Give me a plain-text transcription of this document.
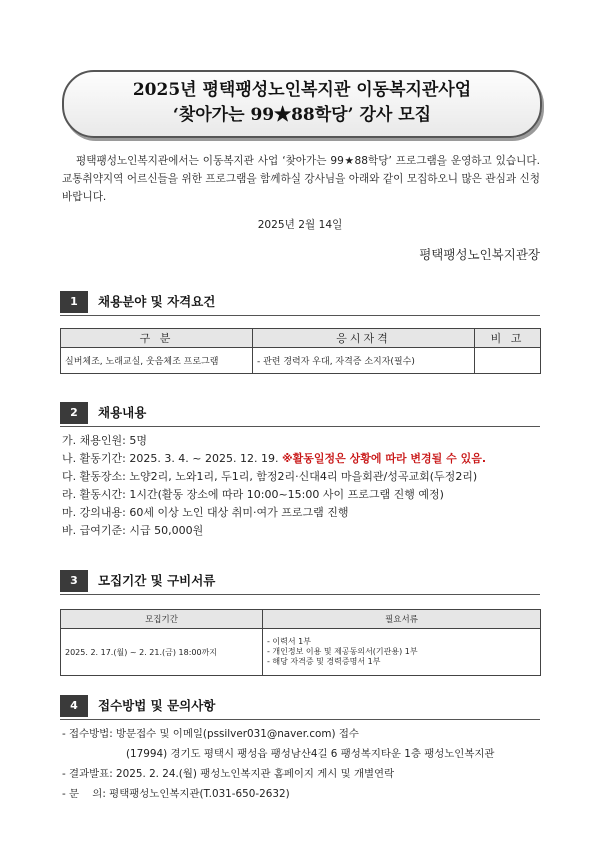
2025년 평택팽성노인복지관 이동복지관사업
‘찾아가는 99★88학당’ 강사 모집
평택팽성노인복지관에서는 이동복지관 사업 ‘찾아가는 99★88학당’ 프로그램을 운영하고 있습니다. 교통취약지역 어르신들을 위한 프로그램을 함께하실 강사님을 아래와 같이 모집하오니 많은 관심과 신청 바랍니다.
2025년 2월 14일
평택팽성노인복지관장
1	채용분야 및 자격요건
구 분	응시자격	비 고
실버체조, 노래교실, 웃음체조 프로그램	- 관련 경력자 우대, 자격증 소지자(필수)	
2	채용내용
가. 채용인원: 5명
나. 활동기간: 2025. 3. 4. ~ 2025. 12. 19. ※활동일정은 상황에 따라 변경될 수 있음.
다. 활동장소: 노양2리, 노와1리, 두1리, 함정2리·신대4리 마을회관/성곡교회(두정2리)
라. 활동시간: 1시간(활동 장소에 따라 10:00~15:00 사이 프로그램 진행 예정)
마. 강의내용: 60세 이상 노인 대상 취미·여가 프로그램 진행
바. 급여기준: 시급 50,000원
3	모집기간 및 구비서류
모집기간	필요서류
2025. 2. 17.(월) ~ 2. 21.(금) 18:00까지	- 이력서 1부
- 개인정보 이용 및 제공동의서(기관용) 1부
- 해당 자격증 및 경력증명서 1부
4	접수방법 및 문의사항
- 접수방법: 방문접수 및 이메일(pssilver031@naver.com) 접수
(17994) 경기도 평택시 팽성읍 팽성남산4길 6 팽성복지타운 1층 팽성노인복지관
- 결과발표: 2025. 2. 24.(월) 팽성노인복지관 홈페이지 게시 및 개별연락
- 문    의: 평택팽성노인복지관(T.031-650-2632)
